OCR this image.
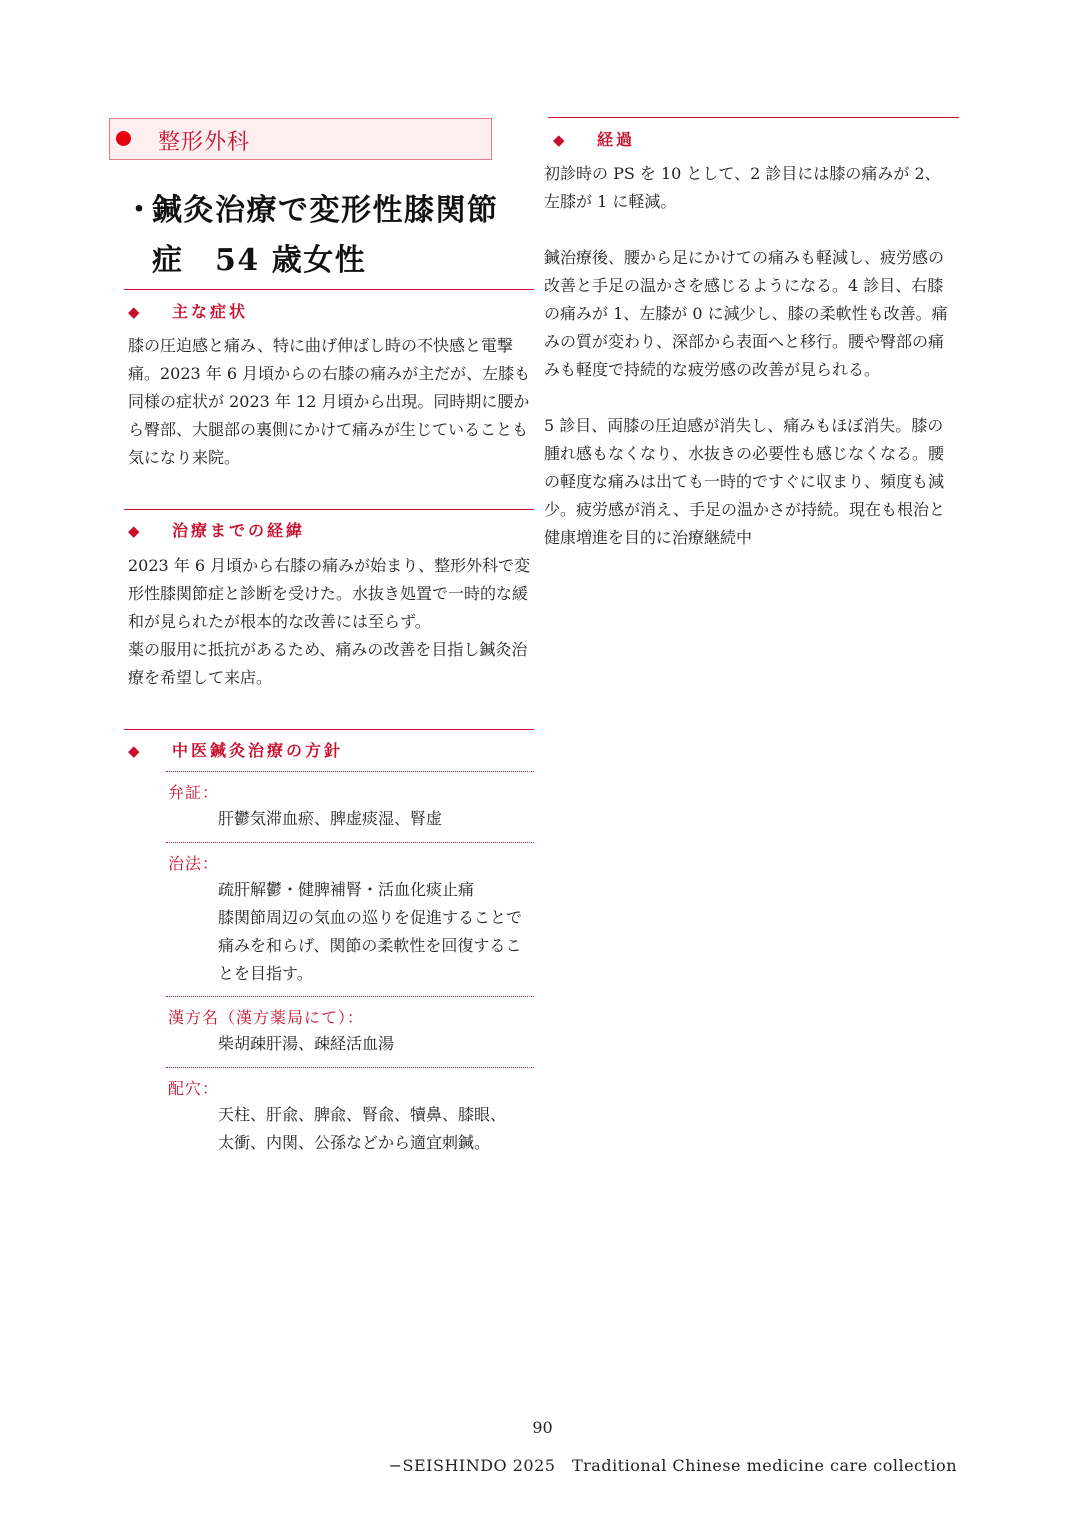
整形外科
・鍼灸治療で変形性膝関節
症　54 歳女性
◆ 主な症状

膝の圧迫感と痛み、特に曲げ伸ばし時の不快感と電撃痛。2023 年 6 月頃からの右膝の痛みが主だが、左膝も同様の症状が 2023 年 12 月頃から出現。同時期に腰から臀部、大腿部の裏側にかけて痛みが生じていることも気になり来院。

◆ 治療までの経緯

2023 年 6 月頃から右膝の痛みが始まり、整形外科で変形性膝関節症と診断を受けた。水抜き処置で一時的な緩和が見られたが根本的な改善には至らず。

薬の服用に抵抗があるため、痛みの改善を目指し鍼灸治療を希望して来店。

◆ 中医鍼灸治療の方針
弁証：
肝鬱気滞血瘀、脾虚痰湿、腎虚
治法：
疏肝解鬱・健脾補腎・活血化痰止痛
膝関節周辺の気血の巡りを促進することで痛みを和らげ、関節の柔軟性を回復することを目指す。
漢方名（漢方薬局にて）：
柴胡疎肝湯、疎経活血湯
配穴：
天柱、肝兪、脾兪、腎兪、犢鼻、膝眼、太衝、内関、公孫などから適宜刺鍼。
◆ 経過

初診時の PS を 10 として、2 診目には膝の痛みが 2、左膝が 1 に軽減。

鍼治療後、腰から足にかけての痛みも軽減し、疲労感の改善と手足の温かさを感じるようになる。4 診目、右膝の痛みが 1、左膝が 0 に減少し、膝の柔軟性も改善。痛みの質が変わり、深部から表面へと移行。腰や臀部の痛みも軽度で持続的な疲労感の改善が見られる。

5 診目、両膝の圧迫感が消失し、痛みもほぼ消失。膝の腫れ感もなくなり、水抜きの必要性も感じなくなる。腰の軽度な痛みは出ても一時的ですぐに収まり、頻度も減少。疲労感が消え、手足の温かさが持続。現在も根治と健康増進を目的に治療継続中

90
−SEISHINDO 2025　Traditional Chinese medicine care collection
